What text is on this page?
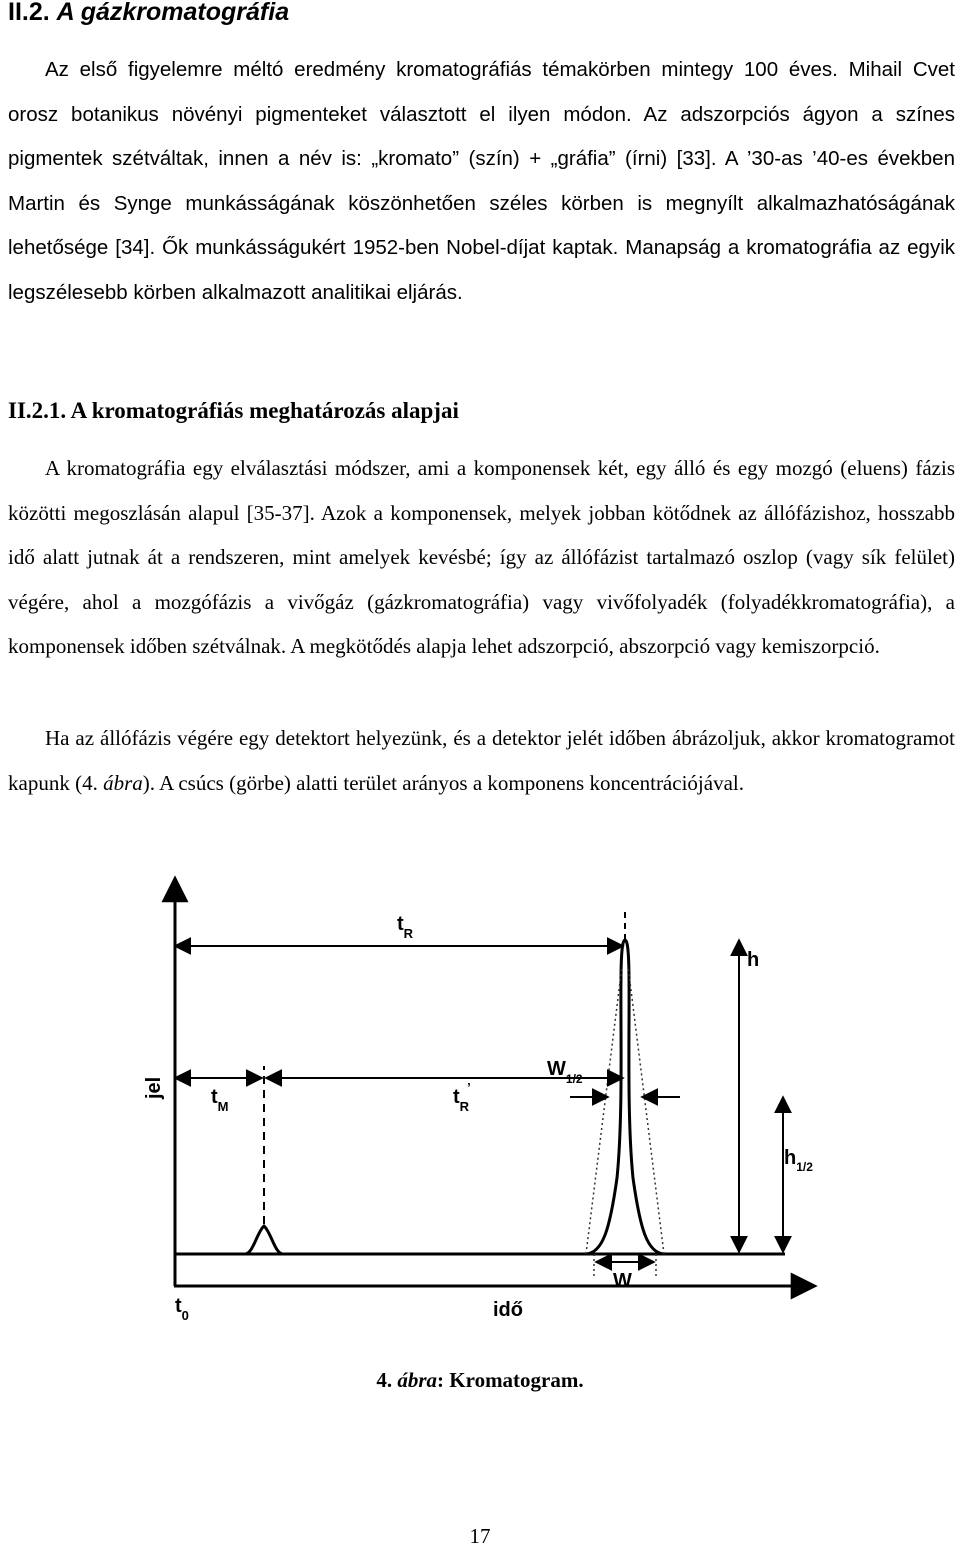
II.2. A gázkromatográfia

Az első figyelemre méltó eredmény kromatográfiás témakörben mintegy 100 éves. Mihail Cvet orosz botanikus növényi pigmenteket választott el ilyen módon. Az adszorpciós ágyon a színes pigmentek szétváltak, innen a név is: „kromato” (szín) + „gráfia” (írni) [33]. A ’30-as ’40-es években Martin és Synge munkásságának köszönhetően széles körben is megnyílt alkalmazhatóságának lehetősége [34]. Ők munkásságukért 1952-ben Nobel-díjat kaptak. Manapság a kromatográfia az egyik legszélesebb körben alkalmazott analitikai eljárás.

II.2.1. A kromatográfiás meghatározás alapjai

A kromatográfia egy elválasztási módszer, ami a komponensek két, egy álló és egy mozgó (eluens) fázis közötti megoszlásán alapul [35-37]. Azok a komponensek, melyek jobban kötődnek az állófázishoz, hosszabb idő alatt jutnak át a rendszeren, mint amelyek kevésbé; így az állófázist tartalmazó oszlop (vagy sík felület) végére, ahol a mozgófázis a vivőgáz (gázkromatográfia) vagy vivőfolyadék (folyadékkromatográfia), a komponensek időben szétválnak. A megkötődés alapja lehet adszorpció, abszorpció vagy kemiszorpció.

Ha az állófázis végére egy detektort helyezünk, és a detektor jelét időben ábrázoljuk, akkor kromatogramot kapunk (4. ábra). A csúcs (görbe) alatti terület arányos a komponens koncentrációjával.

jel
idő
$t_0$
$t_M$
$t_R$
$t_R$’
h
$h_{1/2}$
$W_{1/2}$
W

4. ábra: Kromatogram.

17
